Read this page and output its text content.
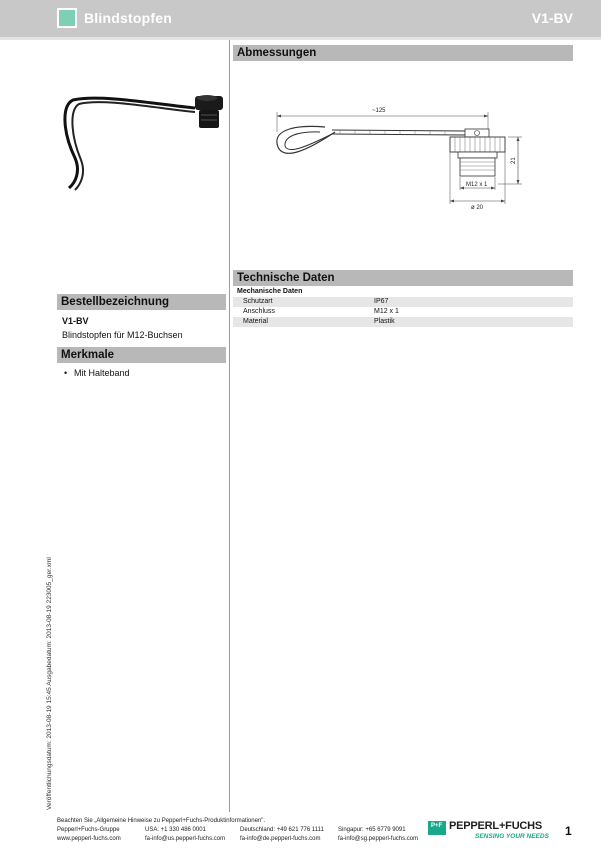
Blindstopfen	V1-BV
Bestellbezeichnung
V1-BV
Blindstopfen für M12-Buchsen
Merkmale
• Mit Halteband
Veröffentlichungsdatum: 2013-08-19 15:45 Ausgabedatum: 2013-08-19 223005_ger.xml
Abmessungen
~125
21
M12 x 1
ø 20
Technische Daten
Mechanische Daten
Schutzart	IP67
Anschluss	M12 x 1
Material	Plastik
Beachten Sie „Allgemeine Hinweise zu Pepperl+Fuchs-Produktinformationen".
Pepperl+Fuchs-Gruppe
www.pepperl-fuchs.com
USA: +1 330 486 0001
fa-info@us.pepperl-fuchs.com
Deutschland: +49 621 776 1111
fa-info@de.pepperl-fuchs.com
Singapur: +65 6779 9091
fa-info@sg.pepperl-fuchs.com
P+F PEPPERL+FUCHS
SENSING YOUR NEEDS 1
